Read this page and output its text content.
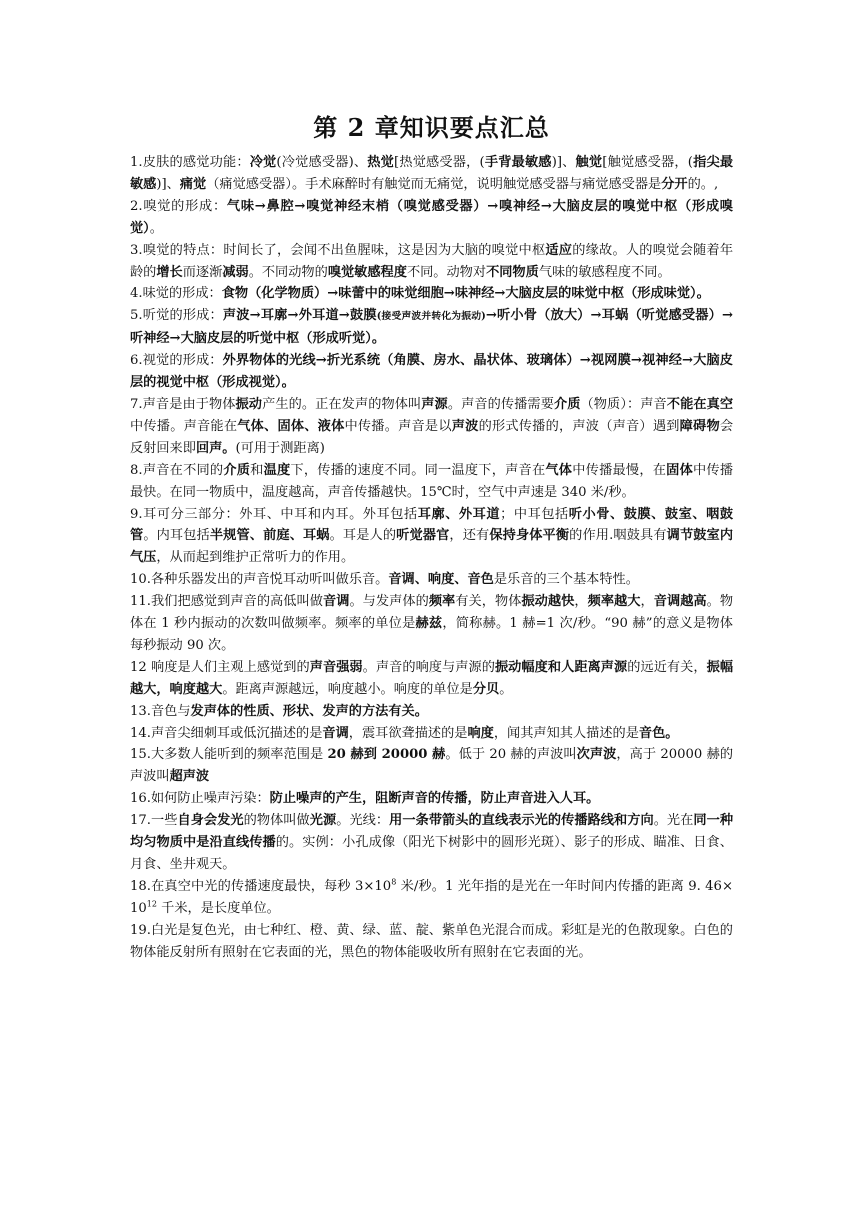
第 2 章知识要点汇总

1.皮肤的感觉功能：冷觉(冷觉感受器)、热觉[热觉感受器，(手背最敏感)]、触觉[触觉感受器，(指尖最敏感)]、痛觉（痛觉感受器）。手术麻醉时有触觉而无痛觉，说明触觉感受器与痛觉感受器是分开的。,

2.嗅觉的形成：气味→鼻腔→嗅觉神经末梢（嗅觉感受器）→嗅神经→大脑皮层的嗅觉中枢（形成嗅觉）。

3.嗅觉的特点：时间长了，会闻不出鱼腥味，这是因为大脑的嗅觉中枢适应的缘故。人的嗅觉会随着年龄的增长而逐渐减弱。不同动物的嗅觉敏感程度不同。动物对不同物质气味的敏感程度不同。

4.味觉的形成：食物（化学物质）→味蕾中的味觉细胞→味神经→大脑皮层的味觉中枢（形成味觉）。

5.听觉的形成：声波→耳廓→外耳道→鼓膜(接受声波并转化为振动)→听小骨（放大）→耳蜗（听觉感受器）→听神经→大脑皮层的听觉中枢（形成听觉）。

6.视觉的形成：外界物体的光线→折光系统（角膜、房水、晶状体、玻璃体）→视网膜→视神经→大脑皮层的视觉中枢（形成视觉）。

7.声音是由于物体振动产生的。正在发声的物体叫声源。声音的传播需要介质（物质）：声音不能在真空中传播。声音能在气体、固体、液体中传播。声音是以声波的形式传播的，声波（声音）遇到障碍物会反射回来即回声。(可用于测距离)

8.声音在不同的介质和温度下，传播的速度不同。同一温度下，声音在气体中传播最慢，在固体中传播最快。在同一物质中，温度越高，声音传播越快。15℃时，空气中声速是 340 米/秒。

9.耳可分三部分：外耳、中耳和内耳。外耳包括耳廓、外耳道；中耳包括听小骨、鼓膜、鼓室、咽鼓管。内耳包括半规管、前庭、耳蜗。耳是人的听觉器官，还有保持身体平衡的作用.咽鼓具有调节鼓室内气压，从而起到维护正常听力的作用。

10.各种乐器发出的声音悦耳动听叫做乐音。音调、响度、音色是乐音的三个基本特性。

11.我们把感觉到声音的高低叫做音调。与发声体的频率有关，物体振动越快，频率越大，音调越高。物体在 1 秒内振动的次数叫做频率。频率的单位是赫兹，简称赫。1 赫=1 次/秒。“90 赫”的意义是物体每秒振动 90 次。

12 响度是人们主观上感觉到的声音强弱。声音的响度与声源的振动幅度和人距离声源的远近有关，振幅越大，响度越大。距离声源越远，响度越小。响度的单位是分贝。

13.音色与发声体的性质、形状、发声的方法有关。

14.声音尖细刺耳或低沉描述的是音调，震耳欲聋描述的是响度，闻其声知其人描述的是音色。

15.大多数人能听到的频率范围是 20 赫到 20000 赫。低于 20 赫的声波叫次声波，高于 20000 赫的声波叫超声波

16.如何防止噪声污染：防止噪声的产生，阻断声音的传播，防止声音进入人耳。

17.一些自身会发光的物体叫做光源。光线：用一条带箭头的直线表示光的传播路线和方向。光在同一种均匀物质中是沿直线传播的。实例：小孔成像（阳光下树影中的圆形光斑）、影子的形成、瞄准、日食、月食、坐井观天。

18.在真空中光的传播速度最快，每秒 $3\times 10^8$ 米/秒。1 光年指的是光在一年时间内传播的距离 9. $46\times 10^{12}$ 千米，是长度单位。

19.白光是复色光，由七种红、橙、黄、绿、蓝、靛、紫单色光混合而成。彩虹是光的色散现象。白色的物体能反射所有照射在它表面的光，黑色的物体能吸收所有照射在它表面的光。
